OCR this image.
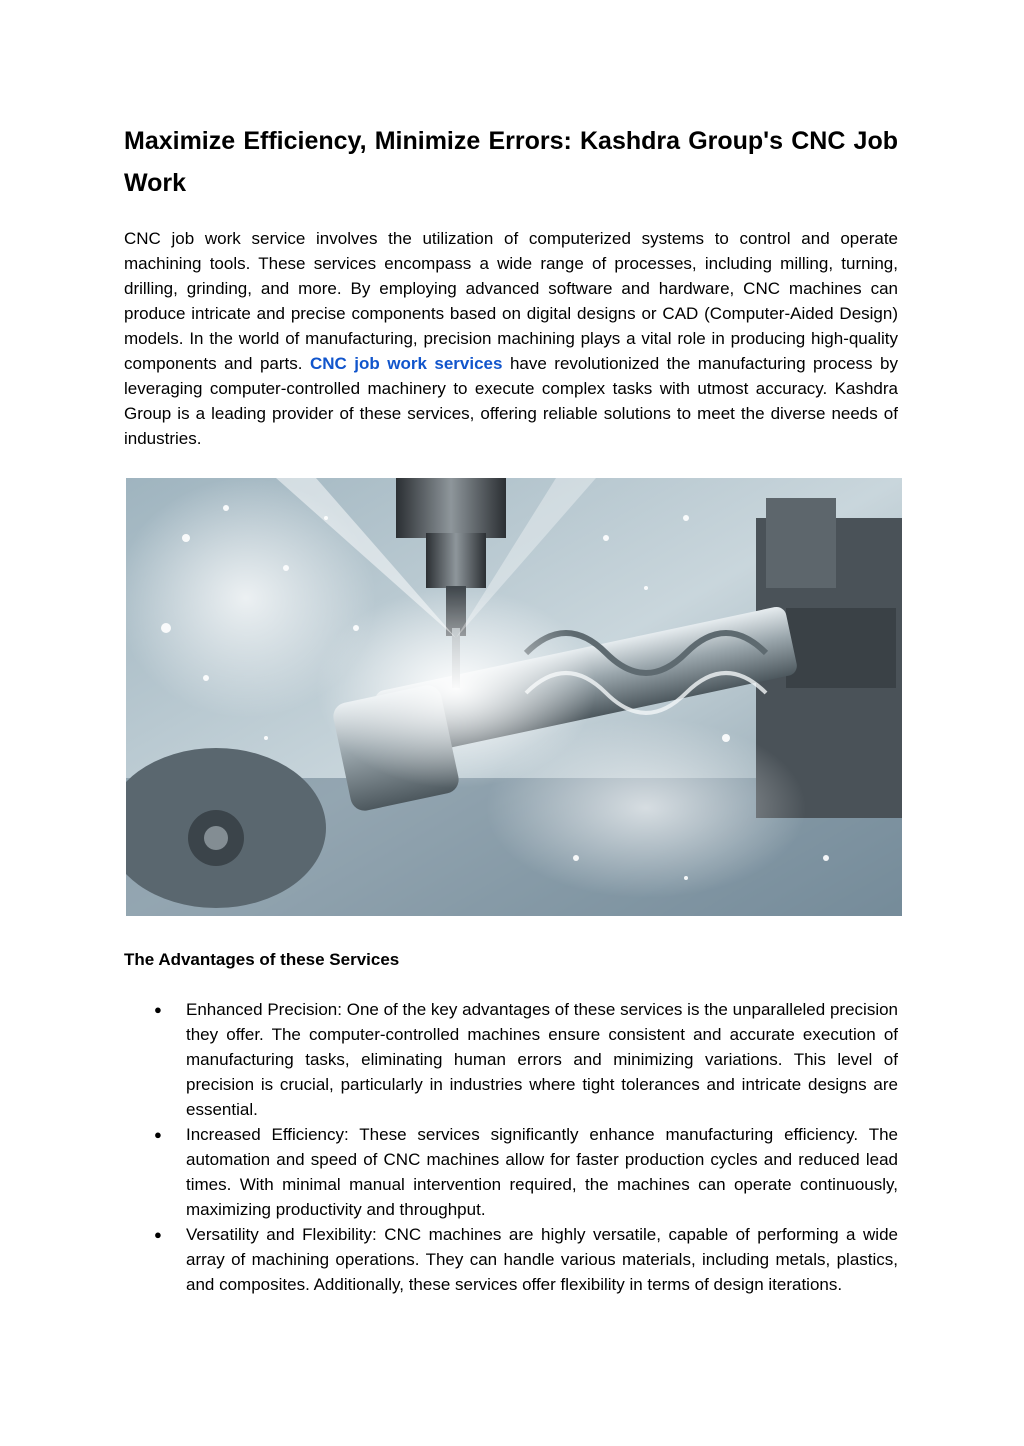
Maximize Efficiency, Minimize Errors: Kashdra Group's CNC Job Work

CNC job work service involves the utilization of computerized systems to control and operate machining tools. These services encompass a wide range of processes, including milling, turning, drilling, grinding, and more. By employing advanced software and hardware, CNC machines can produce intricate and precise components based on digital designs or CAD (Computer-Aided Design) models. In the world of manufacturing, precision machining plays a vital role in producing high-quality components and parts. CNC job work services have revolutionized the manufacturing process by leveraging computer-controlled machinery to execute complex tasks with utmost accuracy. Kashdra Group is a leading provider of these services, offering reliable solutions to meet the diverse needs of industries.

The Advantages of these Services
● Enhanced Precision: One of the key advantages of these services is the unparalleled precision they offer. The computer-controlled machines ensure consistent and accurate execution of manufacturing tasks, eliminating human errors and minimizing variations. This level of precision is crucial, particularly in industries where tight tolerances and intricate designs are essential.
● Increased Efficiency: These services significantly enhance manufacturing efficiency. The automation and speed of CNC machines allow for faster production cycles and reduced lead times. With minimal manual intervention required, the machines can operate continuously, maximizing productivity and throughput.
● Versatility and Flexibility: CNC machines are highly versatile, capable of performing a wide array of machining operations. They can handle various materials, including metals, plastics, and composites. Additionally, these services offer flexibility in terms of design iterations.
